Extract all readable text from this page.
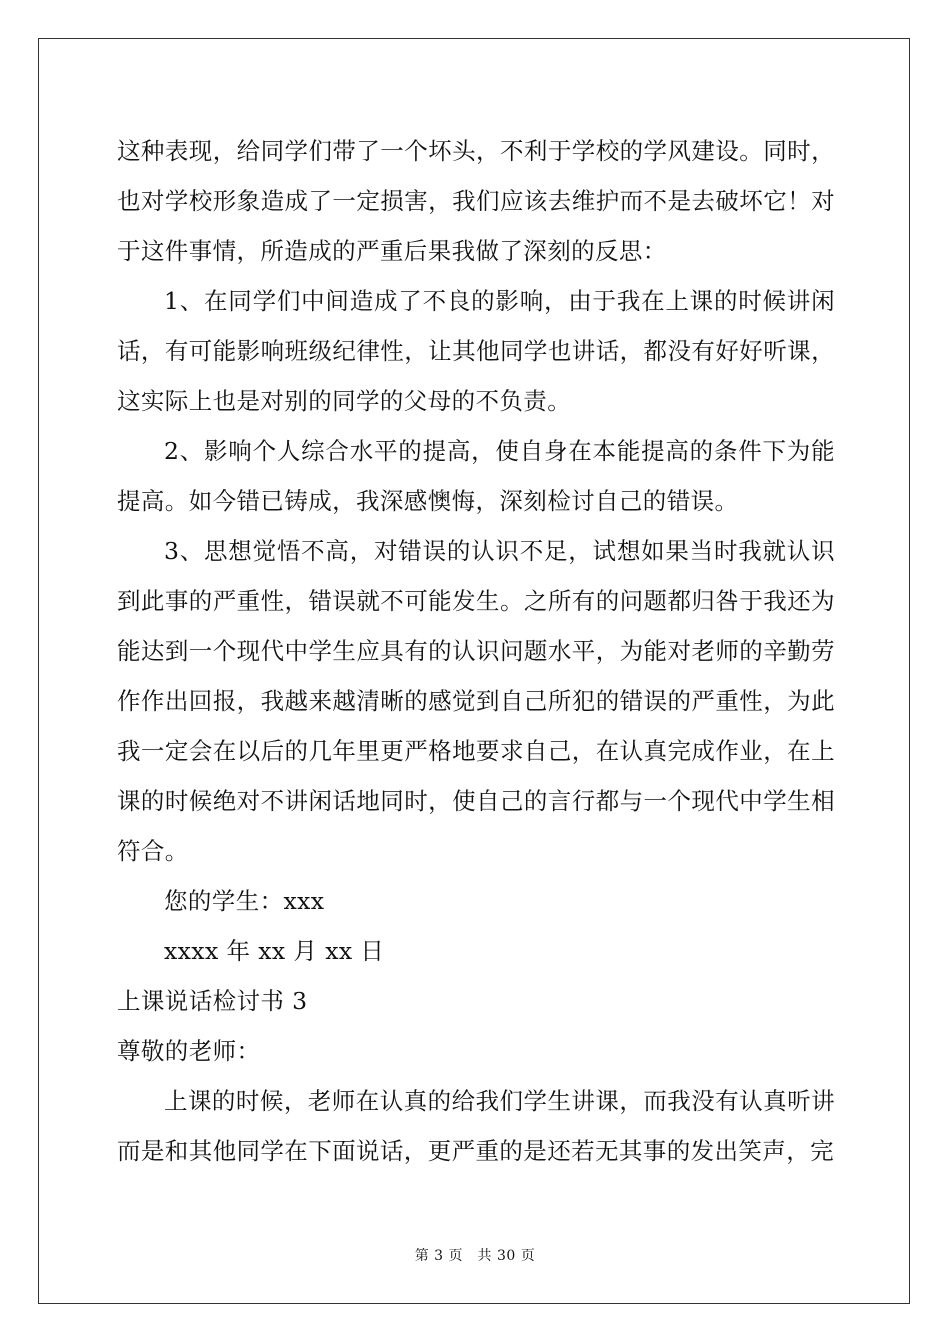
这种表现，给同学们带了一个坏头，不利于学校的学风建设。同时，也对学校形象造成了一定损害，我们应该去维护而不是去破坏它！对于这件事情，所造成的严重后果我做了深刻的反思：

1、在同学们中间造成了不良的影响，由于我在上课的时候讲闲话，有可能影响班级纪律性，让其他同学也讲话，都没有好好听课，这实际上也是对别的同学的父母的不负责。

2、影响个人综合水平的提高，使自身在本能提高的条件下为能提高。如今错已铸成，我深感懊悔，深刻检讨自己的错误。

3、思想觉悟不高，对错误的认识不足，试想如果当时我就认识到此事的严重性，错误就不可能发生。之所有的问题都归咎于我还为能达到一个现代中学生应具有的认识问题水平，为能对老师的辛勤劳作作出回报，我越来越清晰的感觉到自己所犯的错误的严重性，为此我一定会在以后的几年里更严格地要求自己，在认真完成作业，在上课的时候绝对不讲闲话地同时，使自己的言行都与一个现代中学生相符合。

您的学生：xxx

xxxx 年 xx 月 xx 日

上课说话检讨书 3

尊敬的老师：

上课的时候，老师在认真的给我们学生讲课，而我没有认真听讲而是和其他同学在下面说话，更严重的是还若无其事的发出笑声，完

第 3 页　共 30 页
